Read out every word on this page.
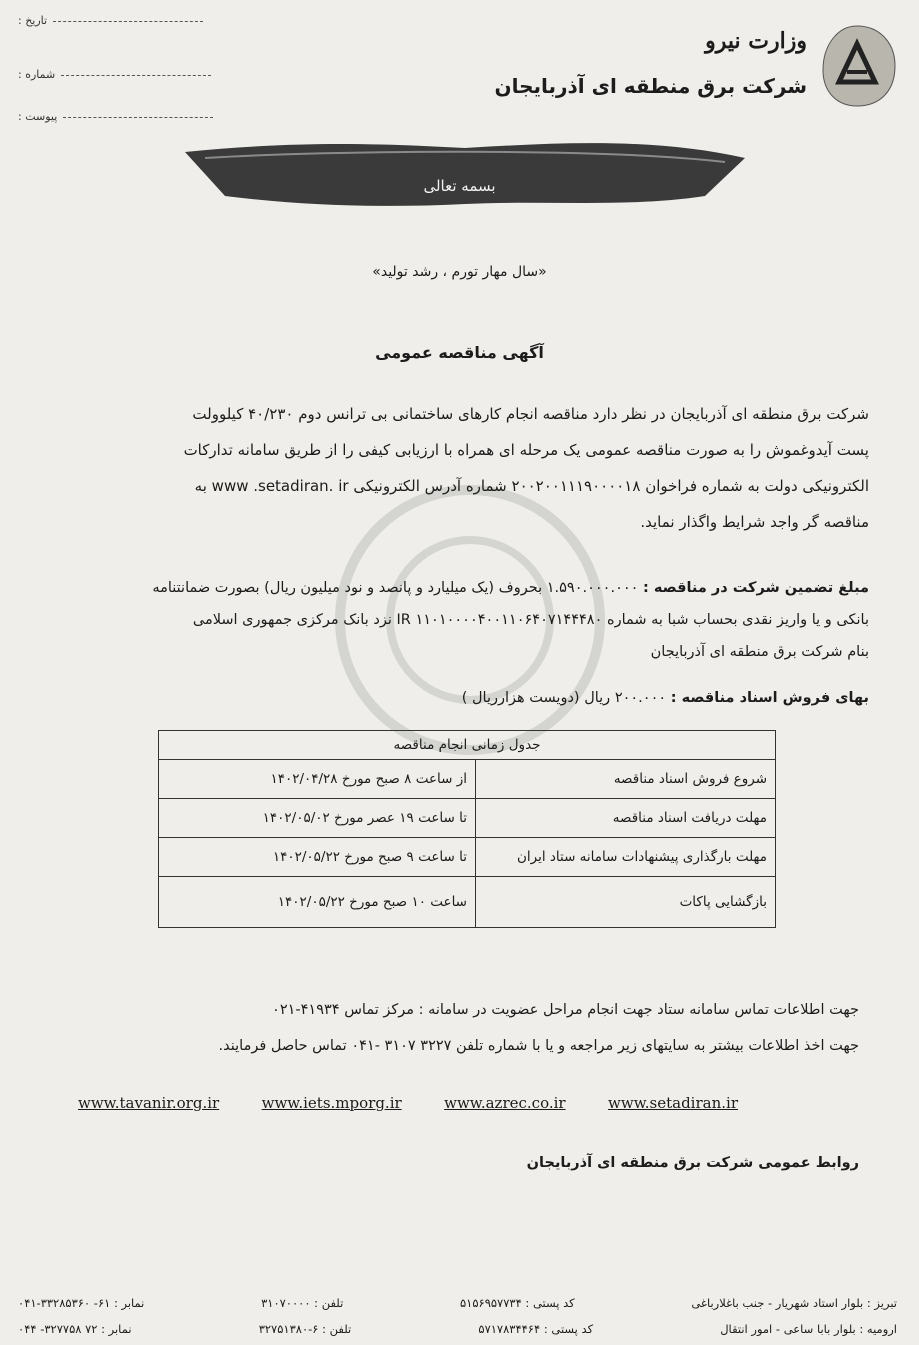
تاریخ :
شماره :
پیوست :
وزارت نیرو
شرکت برق منطقه ای آذربایجان
بسمه تعالی
«سال مهار تورم ، رشد تولید»
آگهی مناقصه عمومی

شرکت برق منطقه ای آذربایجان در نظر دارد مناقصه انجام کارهای ساختمانی بی ترانس دوم ۴۰/۲۳۰ کیلوولت

پست آیدوغموش را به صورت مناقصه عمومی یک مرحله ای همراه با ارزیابی کیفی را از طریق سامانه تدارکات

الکترونیکی دولت به شماره فراخوان ۲۰۰۲۰۰۱۱۱۹۰۰۰۰۱۸ شماره آدرس الکترونیکی www .setadiran. ir به

مناقصه گر واجد شرایط واگذار نماید.

مبلغ تضمین شرکت در مناقصه : ۱.۵۹۰.۰۰۰.۰۰۰ بحروف (یک میلیارد و پانصد و نود میلیون ریال) بصورت ضمانتنامه

بانکی و یا واریز نقدی بحساب شبا به شماره ۱۱۰۱۰۰۰۰۴۰۰۱۱۰۶۴۰۷۱۴۴۴۸۰ IR نزد بانک مرکزی جمهوری اسلامی

بنام شرکت برق منطقه ای آذربایجان

بهای فروش اسناد مناقصه : ۲۰۰.۰۰۰ ریال (دویست هزارریال )
جدول زمانی انجام مناقصه	
شروع فروش اسناد مناقصه	از ساعت ۸ صبح مورخ ۱۴۰۲/۰۴/۲۸
مهلت دریافت اسناد مناقصه	تا ساعت ۱۹ عصر مورخ ۱۴۰۲/۰۵/۰۲
مهلت بارگذاری پیشنهادات سامانه ستاد ایران	تا ساعت ۹ صبح مورخ ۱۴۰۲/۰۵/۲۲
بازگشایی پاکات	ساعت ۱۰ صبح مورخ ۱۴۰۲/۰۵/۲۲

جهت اطلاعات تماس سامانه ستاد جهت انجام مراحل عضویت در سامانه : مرکز تماس ۴۱۹۳۴-۰۲۱

جهت اخذ اطلاعات بیشتر به سایتهای زیر مراجعه و یا با شماره تلفن ۳۲۲۷ ۳۱۰۷ -۰۴۱ تماس حاصل فرمایند.

www.tavanir.org.ir	www.iets.mporg.ir	www.azrec.co.ir	www.setadiran.ir
روابط عمومی شرکت برق منطقه ای آذربایجان
تبریز : بلوار استاد شهریار - جنب باغلارباغی
کد پستی : ۵۱۵۶۹۵۷۷۳۴
تلفن : ۳۱۰۷۰۰۰۰
نمابر : ۶۱- ۳۳۲۸۵۳۶۰-۰۴۱
ارومیه : بلوار بابا ساعی - امور انتقال
کد پستی : ۵۷۱۷۸۳۴۴۶۴
تلفن : ۶-۳۲۷۵۱۳۸۰
نمابر : ۷۲ ۳۲۷۷۵۸- ۰۴۴
